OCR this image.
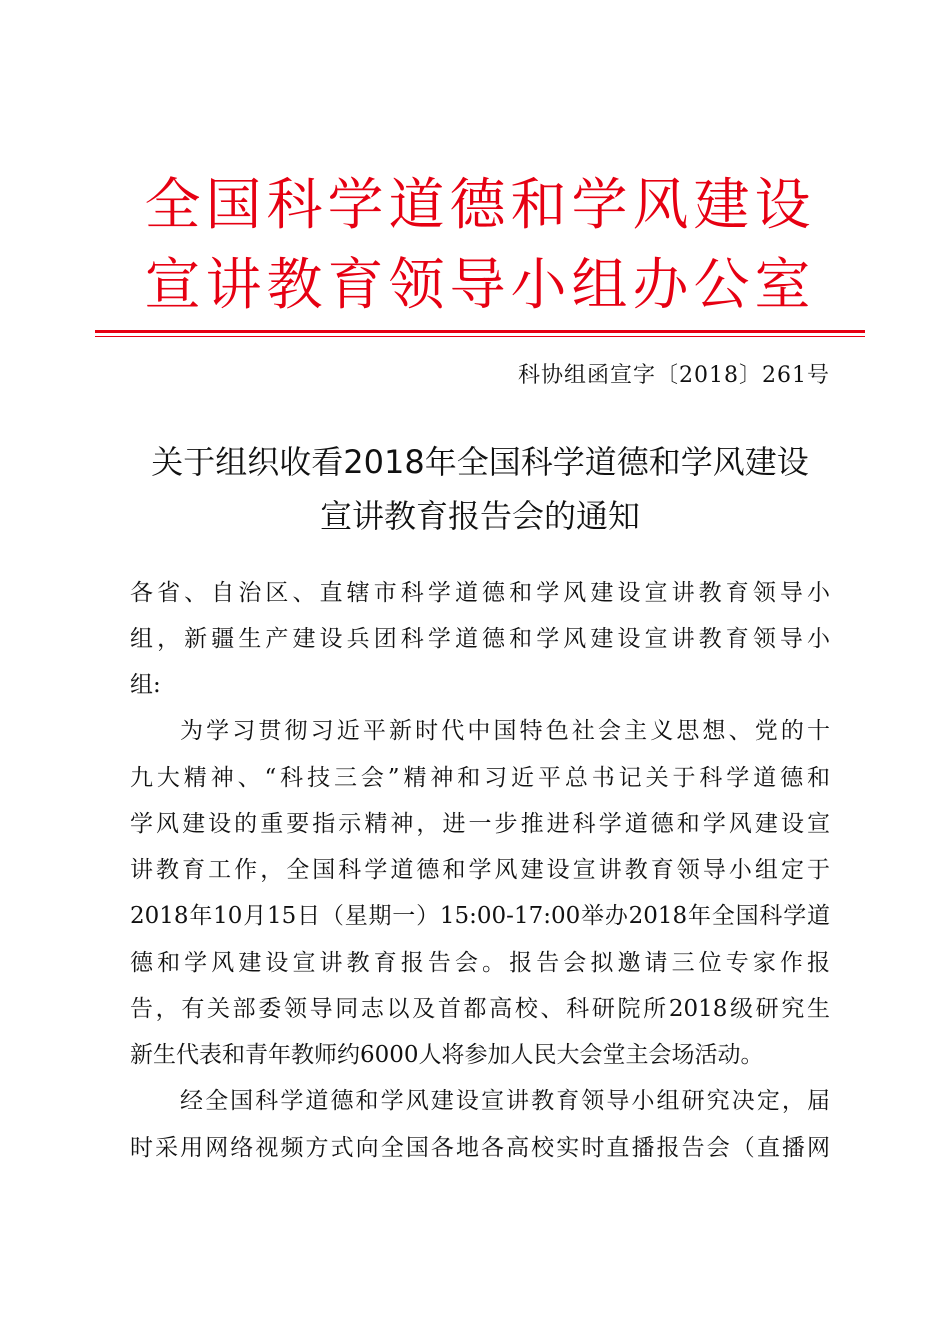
全国科学道德和学风建设
宣讲教育领导小组办公室
科协组函宣字〔2018〕261号
关于组织收看2018年全国科学道德和学风建设
宣讲教育报告会的通知
各省、自治区、直辖市科学道德和学风建设宣讲教育领导小
组，新疆生产建设兵团科学道德和学风建设宣讲教育领导小
组:
为学习贯彻习近平新时代中国特色社会主义思想、党的十
九大精神、“科技三会”精神和习近平总书记关于科学道德和
学风建设的重要指示精神，进一步推进科学道德和学风建设宣
讲教育工作，全国科学道德和学风建设宣讲教育领导小组定于
2018年10月15日（星期一）15:00-17:00举办2018年全国科学道
德和学风建设宣讲教育报告会。报告会拟邀请三位专家作报
告，有关部委领导同志以及首都高校、科研院所2018级研究生
新生代表和青年教师约6000人将参加人民大会堂主会场活动。
经全国科学道德和学风建设宣讲教育领导小组研究决定，届
时采用网络视频方式向全国各地各高校实时直播报告会（直播网
